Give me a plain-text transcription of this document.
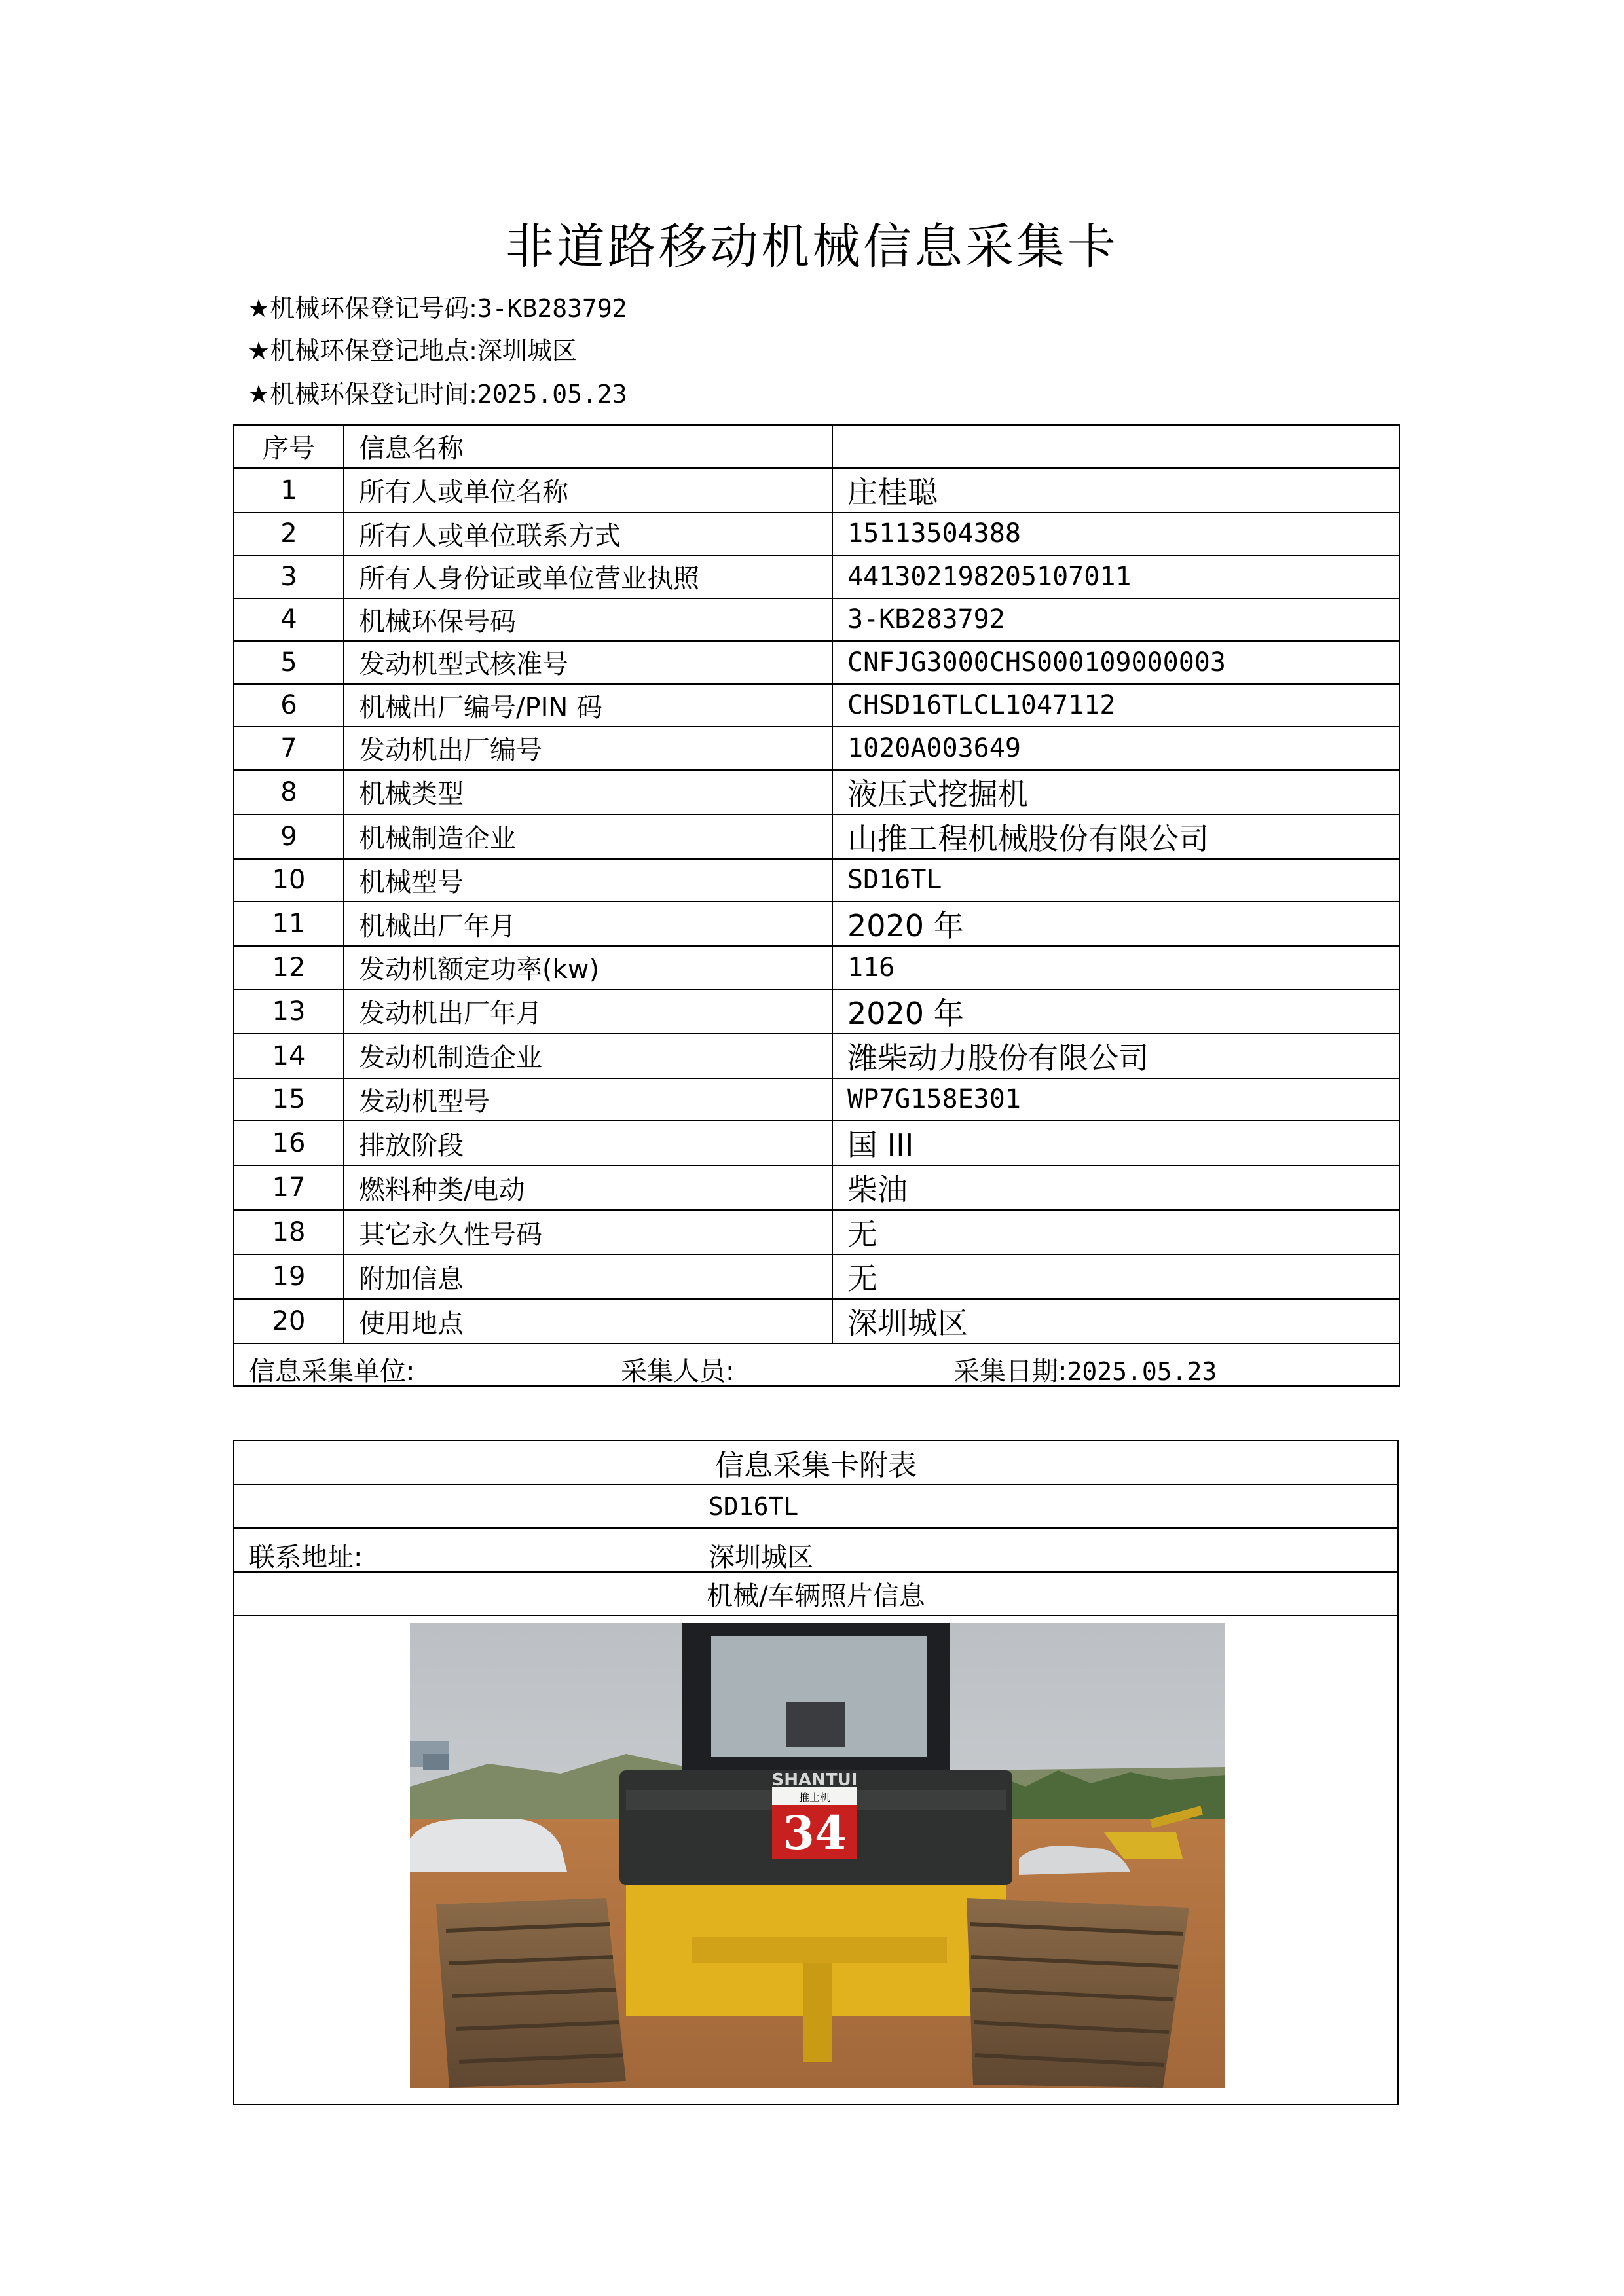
非道路移动机械信息采集卡
★机械环保登记号码:3-KB283792
★机械环保登记地点:深圳城区
★机械环保登记时间:2025.05.23
序号	信息名称	
1	所有人或单位名称	庄桂聪
2	所有人或单位联系方式	15113504388
3	所有人身份证或单位营业执照	441302198205107011
4	机械环保号码	3-KB283792
5	发动机型式核准号	CNFJG3000CHS000109000003
6	机械出厂编号/PIN 码	CHSD16TLCL1047112
7	发动机出厂编号	1020A003649
8	机械类型	液压式挖掘机
9	机械制造企业	山推工程机械股份有限公司
10	机械型号	SD16TL
11	机械出厂年月	2020 年
12	发动机额定功率(kw)	116
13	发动机出厂年月	2020 年
14	发动机制造企业	潍柴动力股份有限公司
15	发动机型号	WP7G158E301
16	排放阶段	国 III
17	燃料种类/电动	柴油
18	其它永久性号码	无
19	附加信息	无
20	使用地点	深圳城区

信息采集单位: 采集人员: 采集日期:2025.05.23		
信息采集卡附表
SD16TL

联系地址:	深圳城区

机械/车辆照片信息

推土机
34
SHANTUI
